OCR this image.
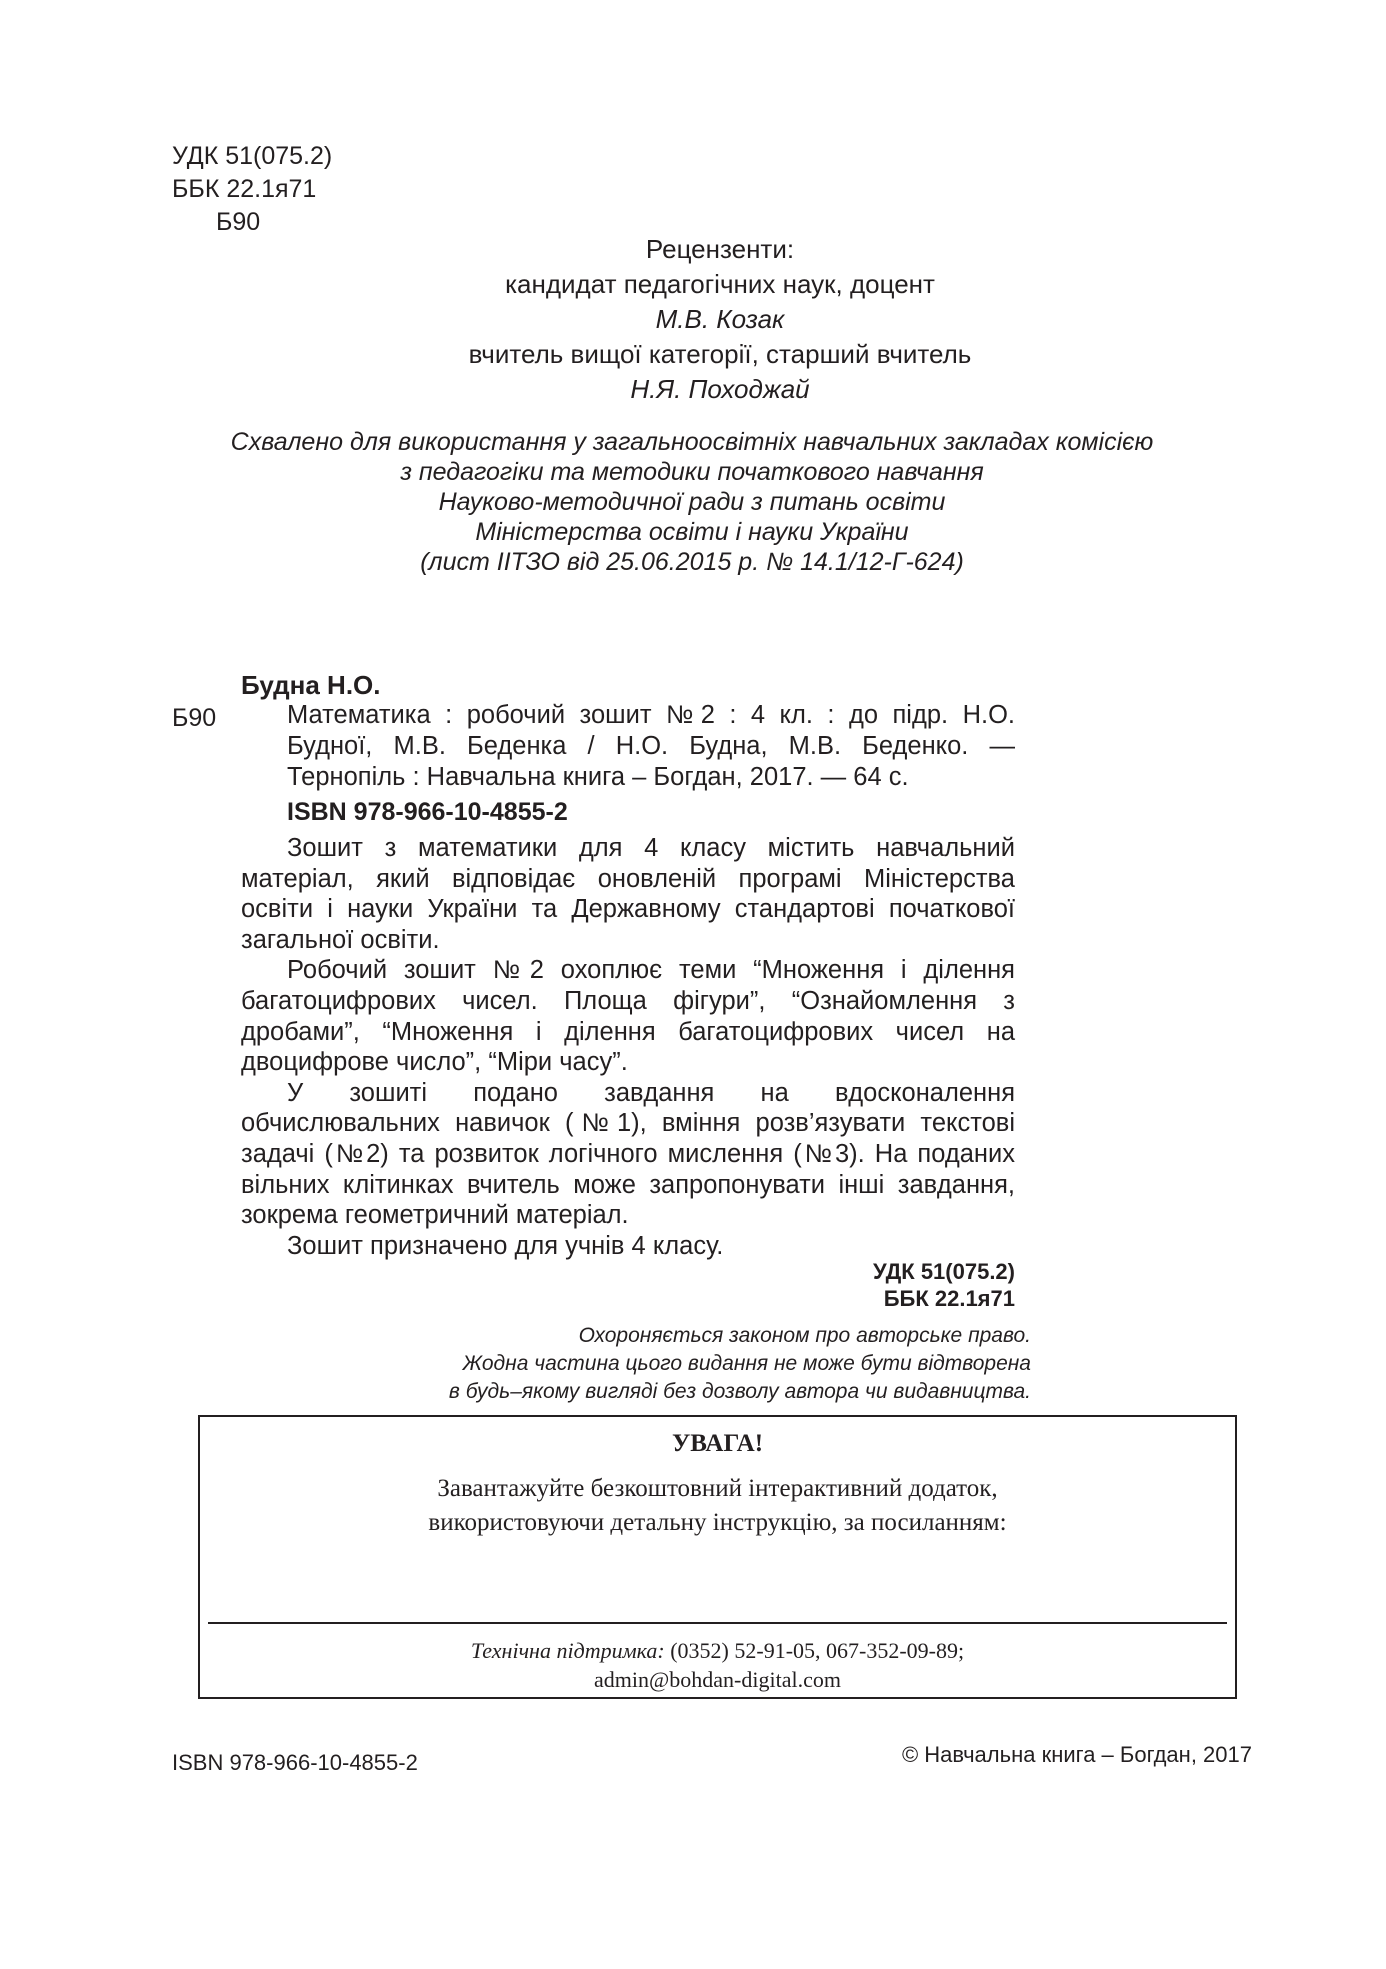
УДК 51(075.2)
ББК 22.1я71
Б90
Рецензенти:
кандидат педагогічних наук, доцент
М.В. Козак
вчитель вищої категорії, старший вчитель
Н.Я. Походжай
Схвалено для використання у загальноосвітніх навчальних закладах комісією
з педагогіки та методики початкового навчання
Науково-методичної ради з питань освіти
Міністерства освіти і науки України
(лист ІІТЗО від 25.06.2015 р. № 14.1/12-Г-624)
Будна Н.О.
Б90	Математика : робочий зошит №2 : 4 кл. : до підр. Н.О. Будної, М.В. Беденка / Н.О. Будна, М.В. Беденко. — Тернопіль : Навчальна книга – Богдан, 2017. — 64 с.
ISBN 978-966-10-4855-2

Зошит з математики для 4 класу містить навчальний матеріал, який відповідає оновленій програмі Міністерства освіти і науки України та Державному стандартові початкової загальної освіти.

Робочий зошит №2 охоплює теми “Множення і ділення багатоцифрових чисел. Площа фігури”, “Ознайомлення з дробами”, “Множення і ділення багатоцифрових чисел на двоцифрове число”, “Міри часу”.

У зошиті подано завдання на вдосконалення обчислювальних навичок (№1), вміння розв’язувати текстові задачі (№2) та розвиток логічного мислення (№3). На поданих вільних клітинках вчитель може запропонувати інші завдання, зокрема геометричний матеріал.

Зошит призначено для учнів 4 класу.

УДК 51(075.2)
ББК 22.1я71
Охороняється законом про авторське право.
Жодна частина цього видання не може бути відтворена
в будь–якому вигляді без дозволу автора чи видавництва.
УВАГА!
Завантажуйте безкоштовний інтерактивний додаток,
використовуючи детальну інструкцію, за посиланням:
Технічна підтримка: (0352) 52-91-05, 067-352-09-89;
admin@bohdan-digital.com
ISBN 978-966-10-4855-2	© Навчальна книга – Богдан, 2017
